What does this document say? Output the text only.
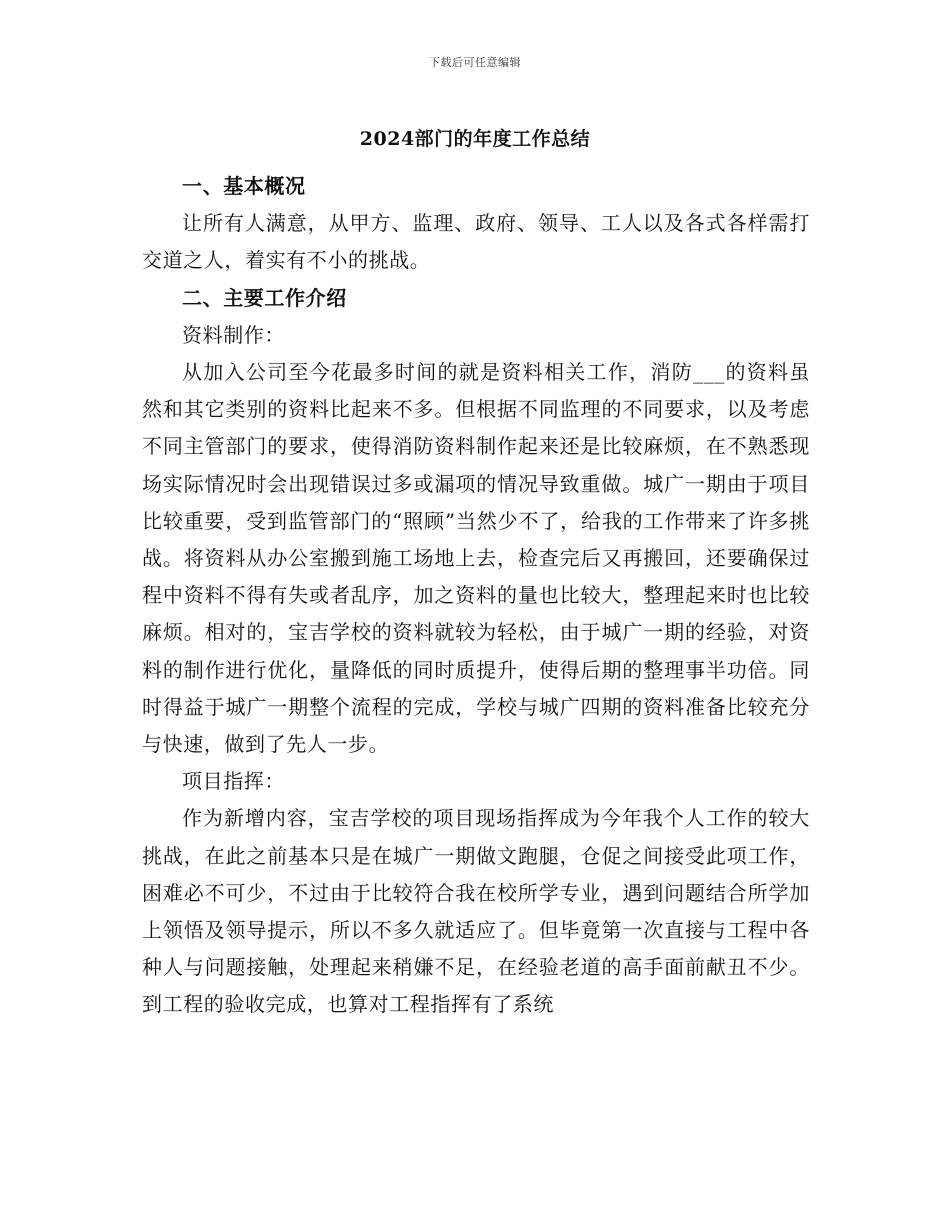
下载后可任意编辑
2024部门的年度工作总结

一、基本概况

让所有人满意，从甲方、监理、政府、领导、工人以及各式各样需打交道之人，着实有不小的挑战。

二、主要工作介绍

资料制作：

从加入公司至今花最多时间的就是资料相关工作，消防___的资料虽然和其它类别的资料比起来不多。但根据不同监理的不同要求，以及考虑不同主管部门的要求，使得消防资料制作起来还是比较麻烦，在不熟悉现场实际情况时会出现错误过多或漏项的情况导致重做。城广一期由于项目比较重要，受到监管部门的“照顾”当然少不了，给我的工作带来了许多挑战。将资料从办公室搬到施工场地上去，检查完后又再搬回，还要确保过程中资料不得有失或者乱序，加之资料的量也比较大，整理起来时也比较麻烦。相对的，宝吉学校的资料就较为轻松，由于城广一期的经验，对资料的制作进行优化，量降低的同时质提升，使得后期的整理事半功倍。同时得益于城广一期整个流程的完成，学校与城广四期的资料准备比较充分与快速，做到了先人一步。

项目指挥：

作为新增内容，宝吉学校的项目现场指挥成为今年我个人工作的较大挑战，在此之前基本只是在城广一期做文跑腿，仓促之间接受此项工作，困难必不可少，不过由于比较符合我在校所学专业，遇到问题结合所学加上领悟及领导提示，所以不多久就适应了。但毕竟第一次直接与工程中各种人与问题接触，处理起来稍嫌不足，在经验老道的高手面前献丑不少。到工程的验收完成，也算对工程指挥有了系统
